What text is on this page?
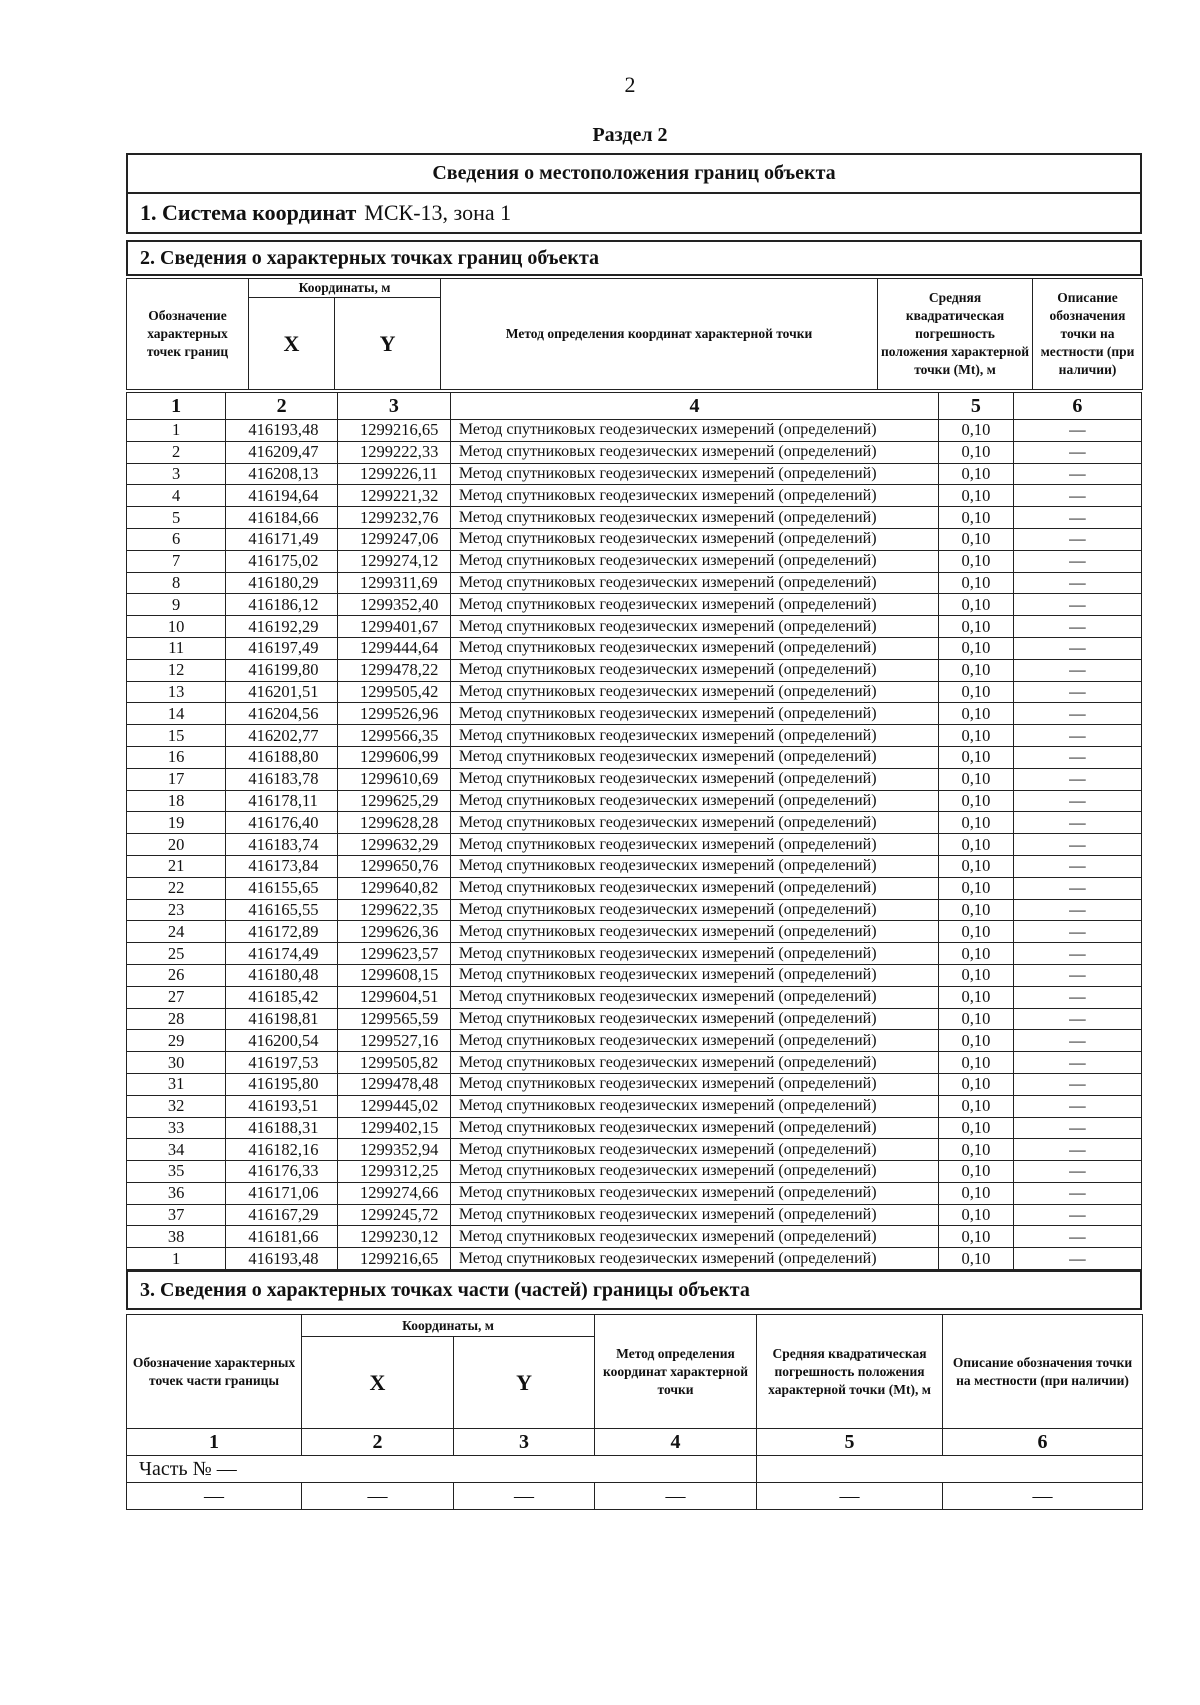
2
Раздел 2
Сведения о местоположения границ объекта
1. Система координат МСК-13, зона 1
2. Сведения о характерных точках границ объекта
Обозначение характерных точек границ	Координаты, м		Метод определения координат характерной точки	Средняя квадратическая погрешность положения характерной точки (Mt), м	Описание обозначения точки на местности (при наличии)
	X	Y			
1	2	3	4	5	6
1	416193,48	1299216,65	Метод спутниковых геодезических измерений (определений)	0,10	—
2	416209,47	1299222,33	Метод спутниковых геодезических измерений (определений)	0,10	—
3	416208,13	1299226,11	Метод спутниковых геодезических измерений (определений)	0,10	—
4	416194,64	1299221,32	Метод спутниковых геодезических измерений (определений)	0,10	—
5	416184,66	1299232,76	Метод спутниковых геодезических измерений (определений)	0,10	—
6	416171,49	1299247,06	Метод спутниковых геодезических измерений (определений)	0,10	—
7	416175,02	1299274,12	Метод спутниковых геодезических измерений (определений)	0,10	—
8	416180,29	1299311,69	Метод спутниковых геодезических измерений (определений)	0,10	—
9	416186,12	1299352,40	Метод спутниковых геодезических измерений (определений)	0,10	—
10	416192,29	1299401,67	Метод спутниковых геодезических измерений (определений)	0,10	—
11	416197,49	1299444,64	Метод спутниковых геодезических измерений (определений)	0,10	—
12	416199,80	1299478,22	Метод спутниковых геодезических измерений (определений)	0,10	—
13	416201,51	1299505,42	Метод спутниковых геодезических измерений (определений)	0,10	—
14	416204,56	1299526,96	Метод спутниковых геодезических измерений (определений)	0,10	—
15	416202,77	1299566,35	Метод спутниковых геодезических измерений (определений)	0,10	—
16	416188,80	1299606,99	Метод спутниковых геодезических измерений (определений)	0,10	—
17	416183,78	1299610,69	Метод спутниковых геодезических измерений (определений)	0,10	—
18	416178,11	1299625,29	Метод спутниковых геодезических измерений (определений)	0,10	—
19	416176,40	1299628,28	Метод спутниковых геодезических измерений (определений)	0,10	—
20	416183,74	1299632,29	Метод спутниковых геодезических измерений (определений)	0,10	—
21	416173,84	1299650,76	Метод спутниковых геодезических измерений (определений)	0,10	—
22	416155,65	1299640,82	Метод спутниковых геодезических измерений (определений)	0,10	—
23	416165,55	1299622,35	Метод спутниковых геодезических измерений (определений)	0,10	—
24	416172,89	1299626,36	Метод спутниковых геодезических измерений (определений)	0,10	—
25	416174,49	1299623,57	Метод спутниковых геодезических измерений (определений)	0,10	—
26	416180,48	1299608,15	Метод спутниковых геодезических измерений (определений)	0,10	—
27	416185,42	1299604,51	Метод спутниковых геодезических измерений (определений)	0,10	—
28	416198,81	1299565,59	Метод спутниковых геодезических измерений (определений)	0,10	—
29	416200,54	1299527,16	Метод спутниковых геодезических измерений (определений)	0,10	—
30	416197,53	1299505,82	Метод спутниковых геодезических измерений (определений)	0,10	—
31	416195,80	1299478,48	Метод спутниковых геодезических измерений (определений)	0,10	—
32	416193,51	1299445,02	Метод спутниковых геодезических измерений (определений)	0,10	—
33	416188,31	1299402,15	Метод спутниковых геодезических измерений (определений)	0,10	—
34	416182,16	1299352,94	Метод спутниковых геодезических измерений (определений)	0,10	—
35	416176,33	1299312,25	Метод спутниковых геодезических измерений (определений)	0,10	—
36	416171,06	1299274,66	Метод спутниковых геодезических измерений (определений)	0,10	—
37	416167,29	1299245,72	Метод спутниковых геодезических измерений (определений)	0,10	—
38	416181,66	1299230,12	Метод спутниковых геодезических измерений (определений)	0,10	—
1	416193,48	1299216,65	Метод спутниковых геодезических измерений (определений)	0,10	—
3. Сведения о характерных точках части (частей) границы объекта
Обозначение характерных точек части границы	Координаты, м		Метод определения координат характерной точки	Средняя квадратическая погрешность положения характерной точки (Mt), м	Описание обозначения точки на местности (при наличии)
	X	Y			
1	2	3	4	5	6
Часть № —					
—	—	—	—	—	—
